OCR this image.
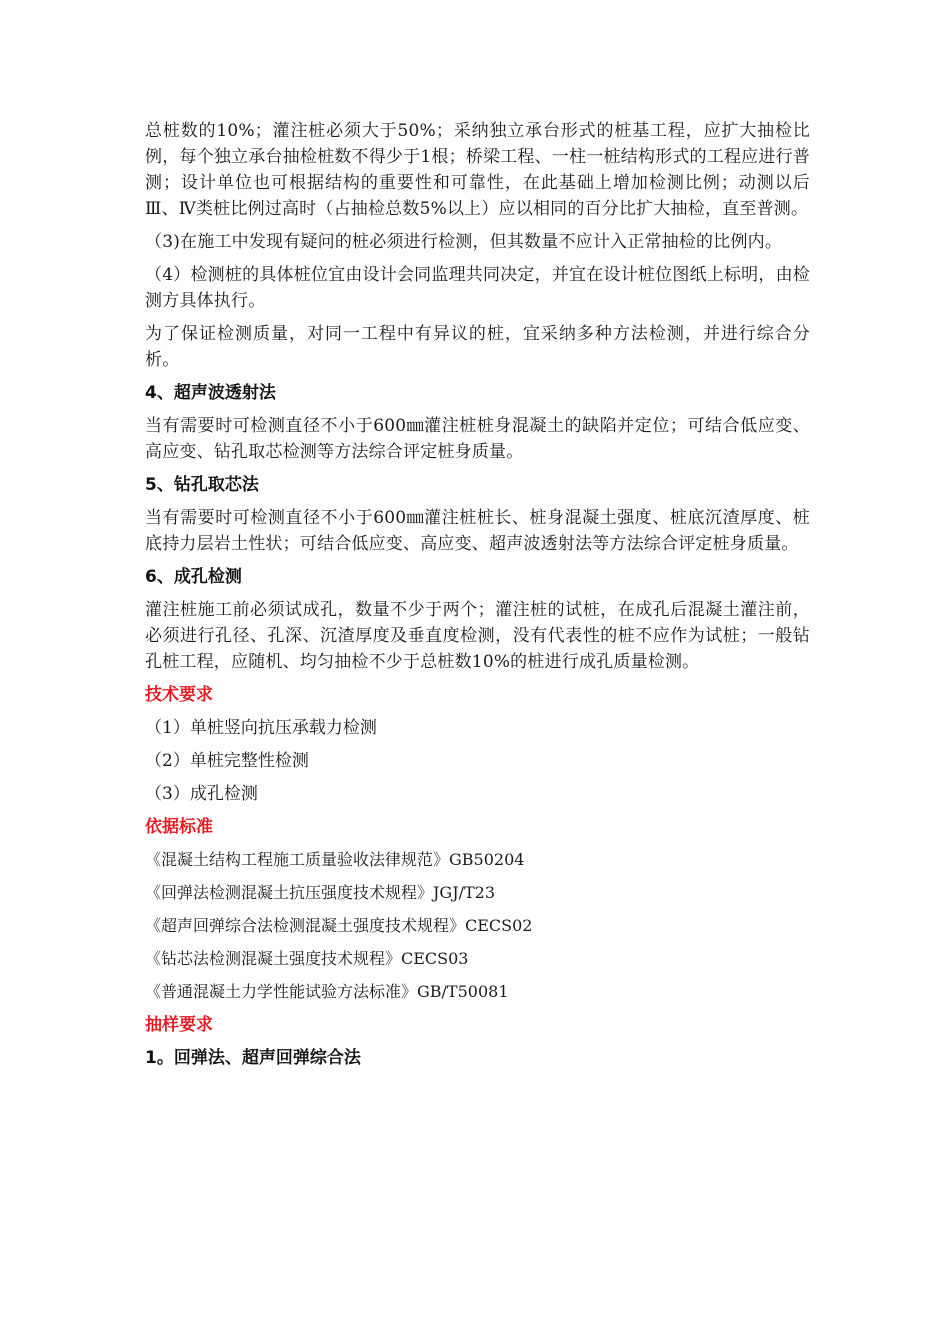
总桩数的10%；灌注桩必须大于50%；采纳独立承台形式的桩基工程，应扩大抽检比例，每个独立承台抽检桩数不得少于1根；桥梁工程、一柱一桩结构形式的工程应进行普测；设计单位也可根据结构的重要性和可靠性，在此基础上增加检测比例；动测以后Ⅲ、Ⅳ类桩比例过高时（占抽检总数5%以上）应以相同的百分比扩大抽检，直至普测。

（3)在施工中发现有疑问的桩必须进行检测，但其数量不应计入正常抽检的比例内。

（4）检测桩的具体桩位宜由设计会同监理共同决定，并宜在设计桩位图纸上标明，由检测方具体执行。

为了保证检测质量，对同一工程中有异议的桩，宜采纳多种方法检测，并进行综合分析。

4、超声波透射法

当有需要时可检测直径不小于600㎜灌注桩桩身混凝土的缺陷并定位；可结合低应变、高应变、钻孔取芯检测等方法综合评定桩身质量。

5、钻孔取芯法

当有需要时可检测直径不小于600㎜灌注桩桩长、桩身混凝土强度、桩底沉渣厚度、桩底持力层岩土性状；可结合低应变、高应变、超声波透射法等方法综合评定桩身质量。

6、成孔检测

灌注桩施工前必须试成孔，数量不少于两个；灌注桩的试桩，在成孔后混凝土灌注前，必须进行孔径、孔深、沉渣厚度及垂直度检测，没有代表性的桩不应作为试桩；一般钻孔桩工程，应随机、均匀抽检不少于总桩数10%的桩进行成孔质量检测。

技术要求
（1）单桩竖向抗压承载力检测
（2）单桩完整性检测
（3）成孔检测
依据标准
《混凝土结构工程施工质量验收法律规范》GB50204
《回弹法检测混凝土抗压强度技术规程》JGJ/T23
《超声回弹综合法检测混凝土强度技术规程》CECS02
《钻芯法检测混凝土强度技术规程》CECS03
《普通混凝土力学性能试验方法标准》GB/T50081
抽样要求
1。回弹法、超声回弹综合法
